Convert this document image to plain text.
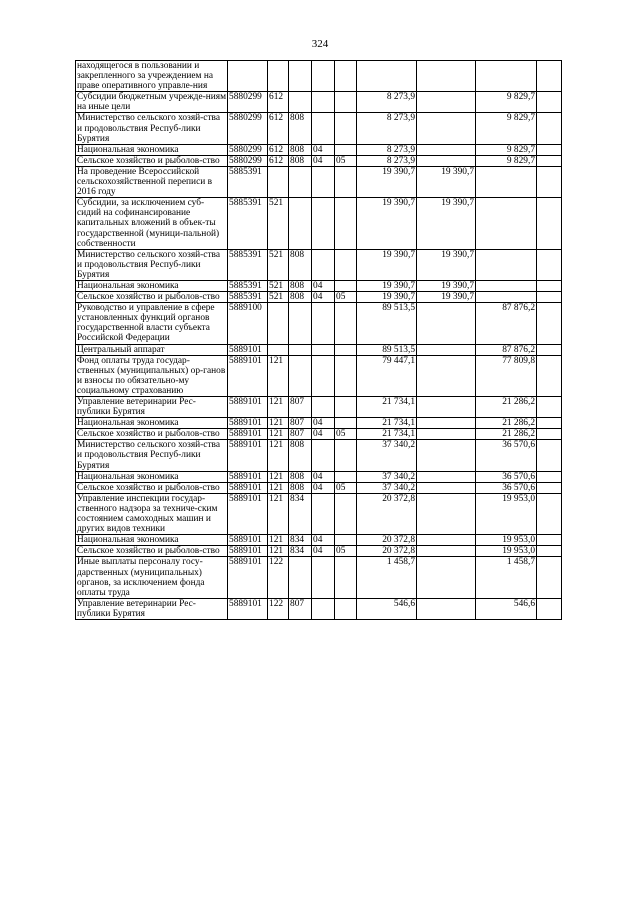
324
находящегося в пользовании и закрепленного за учреждением на праве оперативного управле-ния									
Субсидии бюджетным учрежде-ниям на иные цели	5880299	612				8 273,9		9 829,7	
Министерство сельского хозяй-ства и продовольствия Респуб-лики Бурятия	5880299	612	808			8 273,9		9 829,7	
Национальная экономика	5880299	612	808	04		8 273,9		9 829,7	
Сельское хозяйство и рыболов-ство	5880299	612	808	04	05	8 273,9		9 829,7	
На проведение Всероссийской сельскохозяйственной переписи в 2016 году	5885391					19 390,7	19 390,7		
Субсидии, за исключением суб-сидий на софинансирование капитальных вложений в объек-ты государственной (муници-пальной) собственности	5885391	521				19 390,7	19 390,7		
Министерство сельского хозяй-ства и продовольствия Респуб-лики Бурятия	5885391	521	808			19 390,7	19 390,7		
Национальная экономика	5885391	521	808	04		19 390,7	19 390,7		
Сельское хозяйство и рыболов-ство	5885391	521	808	04	05	19 390,7	19 390,7		
Руководство и управление в сфере установленных функций органов государственной власти субъекта Российской Федерации	5889100					89 513,5		87 876,2	
Центральный аппарат	5889101					89 513,5		87 876,2	
Фонд оплаты труда государ-ственных (муниципальных) ор-ганов и взносы по обязательно-му социальному страхованию	5889101	121				79 447,1		77 809,8	
Управление ветеринарии Рес-публики Бурятия	5889101	121	807			21 734,1		21 286,2	
Национальная экономика	5889101	121	807	04		21 734,1		21 286,2	
Сельское хозяйство и рыболов-ство	5889101	121	807	04	05	21 734,1		21 286,2	
Министерство сельского хозяй-ства и продовольствия Респуб-лики Бурятия	5889101	121	808			37 340,2		36 570,6	
Национальная экономика	5889101	121	808	04		37 340,2		36 570,6	
Сельское хозяйство и рыболов-ство	5889101	121	808	04	05	37 340,2		36 570,6	
Управление инспекции государ-ственного надзора за техниче-ским состоянием самоходных машин и других видов техники	5889101	121	834			20 372,8		19 953,0	
Национальная экономика	5889101	121	834	04		20 372,8		19 953,0	
Сельское хозяйство и рыболов-ство	5889101	121	834	04	05	20 372,8		19 953,0	
Иные выплаты персоналу госу-дарственных (муниципальных) органов, за исключением фонда оплаты труда	5889101	122				1 458,7		1 458,7	
Управление ветеринарии Рес-публики Бурятия	5889101	122	807			546,6		546,6	
